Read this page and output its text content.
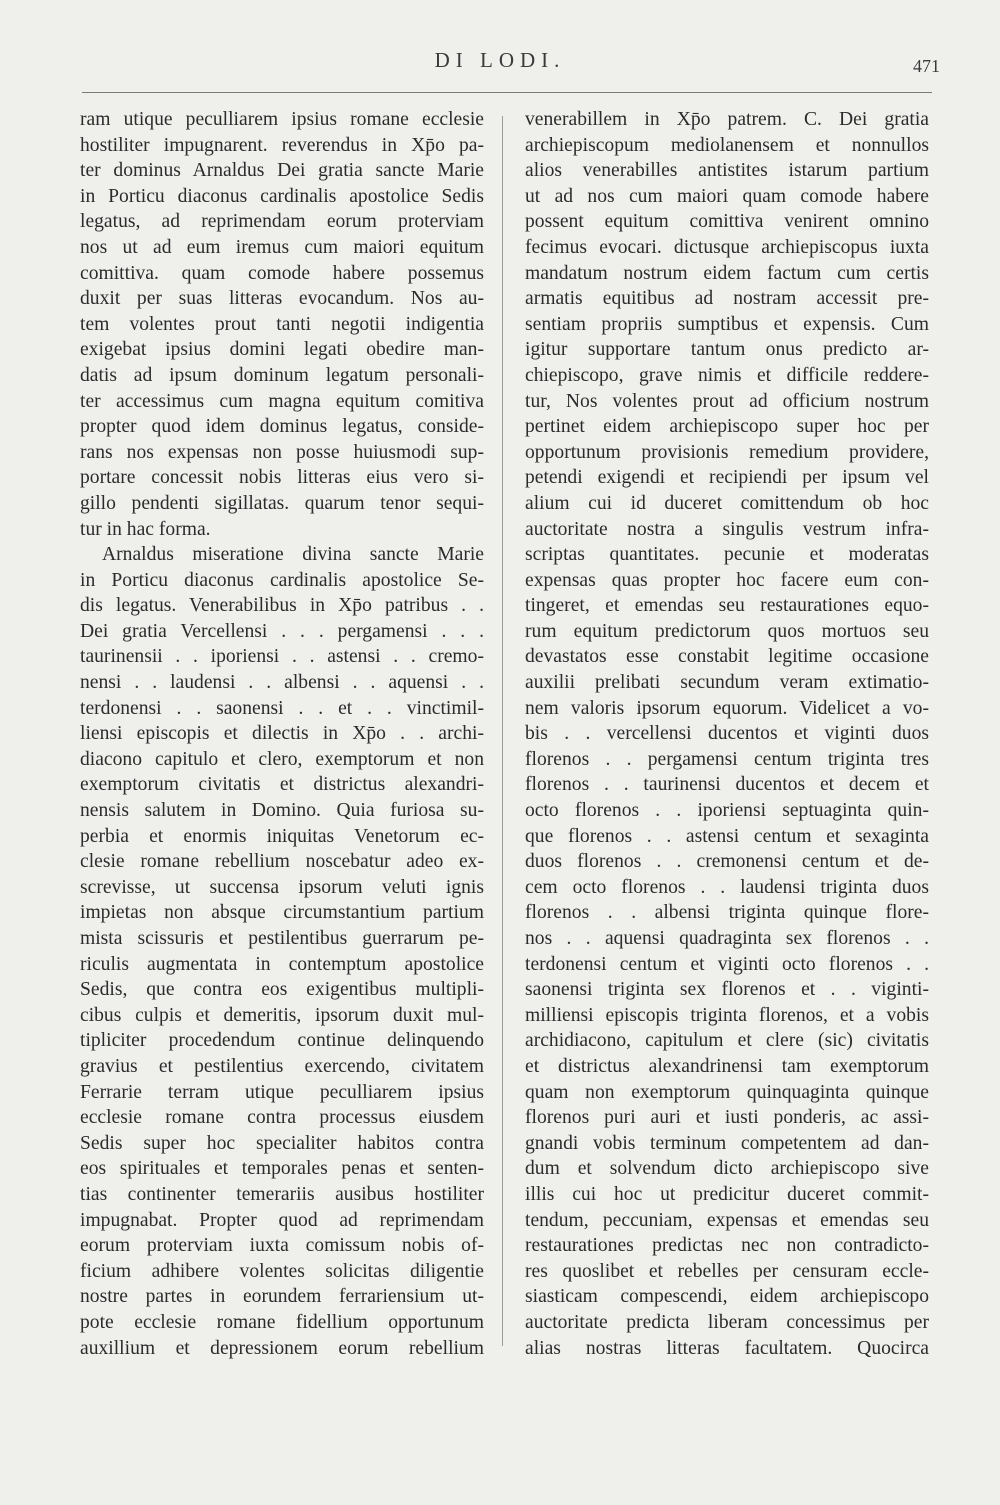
DI LODI.	471
ram utique peculliarem ipsius romane ecclesie
hostiliter impugnarent. reverendus in Xp̄o pa-
ter dominus Arnaldus Dei gratia sancte Marie
in Porticu diaconus cardinalis apostolice Sedis
legatus, ad reprimendam eorum proterviam
nos ut ad eum iremus cum maiori equitum
comittiva. quam comode habere possemus
duxit per suas litteras evocandum. Nos au-
tem volentes prout tanti negotii indigentia
exigebat ipsius domini legati obedire man-
datis ad ipsum dominum legatum personali-
ter accessimus cum magna equitum comitiva
propter quod idem dominus legatus, conside-
rans nos expensas non posse huiusmodi sup-
portare concessit nobis litteras eius vero si-
gillo pendenti sigillatas. quarum tenor sequi-
tur in hac forma.
Arnaldus miseratione divina sancte Marie
in Porticu diaconus cardinalis apostolice Se-
dis legatus. Venerabilibus in Xp̄o patribus . .
Dei gratia Vercellensi . . . pergamensi . . .
taurinensii . . iporiensi . . astensi . . cremo-
nensi . . laudensi . . albensi . . aquensi . .
terdonensi . . saonensi . . et . . vinctimil-
liensi episcopis et dilectis in Xp̄o . . archi-
diacono capitulo et clero, exemptorum et non
exemptorum civitatis et districtus alexandri-
nensis salutem in Domino. Quia furiosa su-
perbia et enormis iniquitas Venetorum ec-
clesie romane rebellium noscebatur adeo ex-
screvisse, ut succensa ipsorum veluti ignis
impietas non absque circumstantium partium
mista scissuris et pestilentibus guerrarum pe-
riculis augmentata in contemptum apostolice
Sedis, que contra eos exigentibus multipli-
cibus culpis et demeritis, ipsorum duxit mul-
tipliciter procedendum continue delinquendo
gravius et pestilentius exercendo, civitatem
Ferrarie terram utique peculliarem ipsius
ecclesie romane contra processus eiusdem
Sedis super hoc specialiter habitos contra
eos spirituales et temporales penas et senten-
tias continenter temerariis ausibus hostiliter
impugnabat. Propter quod ad reprimendam
eorum proterviam iuxta comissum nobis of-
ficium adhibere volentes solicitas diligentie
nostre partes in eorundem ferrariensium ut-
pote ecclesie romane fidellium opportunum
auxillium et depressionem eorum rebellium
venerabillem in Xp̄o patrem. C. Dei gratia
archiepiscopum mediolanensem et nonnullos
alios venerabilles antistites istarum partium
ut ad nos cum maiori quam comode habere
possent equitum comittiva venirent omnino
fecimus evocari. dictusque archiepiscopus iuxta
mandatum nostrum eidem factum cum certis
armatis equitibus ad nostram accessit pre-
sentiam propriis sumptibus et expensis. Cum
igitur supportare tantum onus predicto ar-
chiepiscopo, grave nimis et difficile reddere-
tur, Nos volentes prout ad officium nostrum
pertinet eidem archiepiscopo super hoc per
opportunum provisionis remedium providere,
petendi exigendi et recipiendi per ipsum vel
alium cui id duceret comittendum ob hoc
auctoritate nostra a singulis vestrum infra-
scriptas quantitates. pecunie et moderatas
expensas quas propter hoc facere eum con-
tingeret, et emendas seu restaurationes equo-
rum equitum predictorum quos mortuos seu
devastatos esse constabit legitime occasione
auxilii prelibati secundum veram extimatio-
nem valoris ipsorum equorum. Videlicet a vo-
bis . . vercellensi ducentos et viginti duos
florenos . . pergamensi centum triginta tres
florenos . . taurinensi ducentos et decem et
octo florenos . . iporiensi septuaginta quin-
que florenos . . astensi centum et sexaginta
duos florenos . . cremonensi centum et de-
cem octo florenos . . laudensi triginta duos
florenos . . albensi triginta quinque flore-
nos . . aquensi quadraginta sex florenos . .
terdonensi centum et viginti octo florenos . .
saonensi triginta sex florenos et . . viginti-
milliensi episcopis triginta florenos, et a vobis
archidiacono, capitulum et clere (sic) civitatis
et districtus alexandrinensi tam exemptorum
quam non exemptorum quinquaginta quinque
florenos puri auri et iusti ponderis, ac assi-
gnandi vobis terminum competentem ad dan-
dum et solvendum dicto archiepiscopo sive
illis cui hoc ut predicitur duceret commit-
tendum, peccuniam, expensas et emendas seu
restaurationes predictas nec non contradicto-
res quoslibet et rebelles per censuram eccle-
siasticam compescendi, eidem archiepiscopo
auctoritate predicta liberam concessimus per
alias nostras litteras facultatem. Quocirca
